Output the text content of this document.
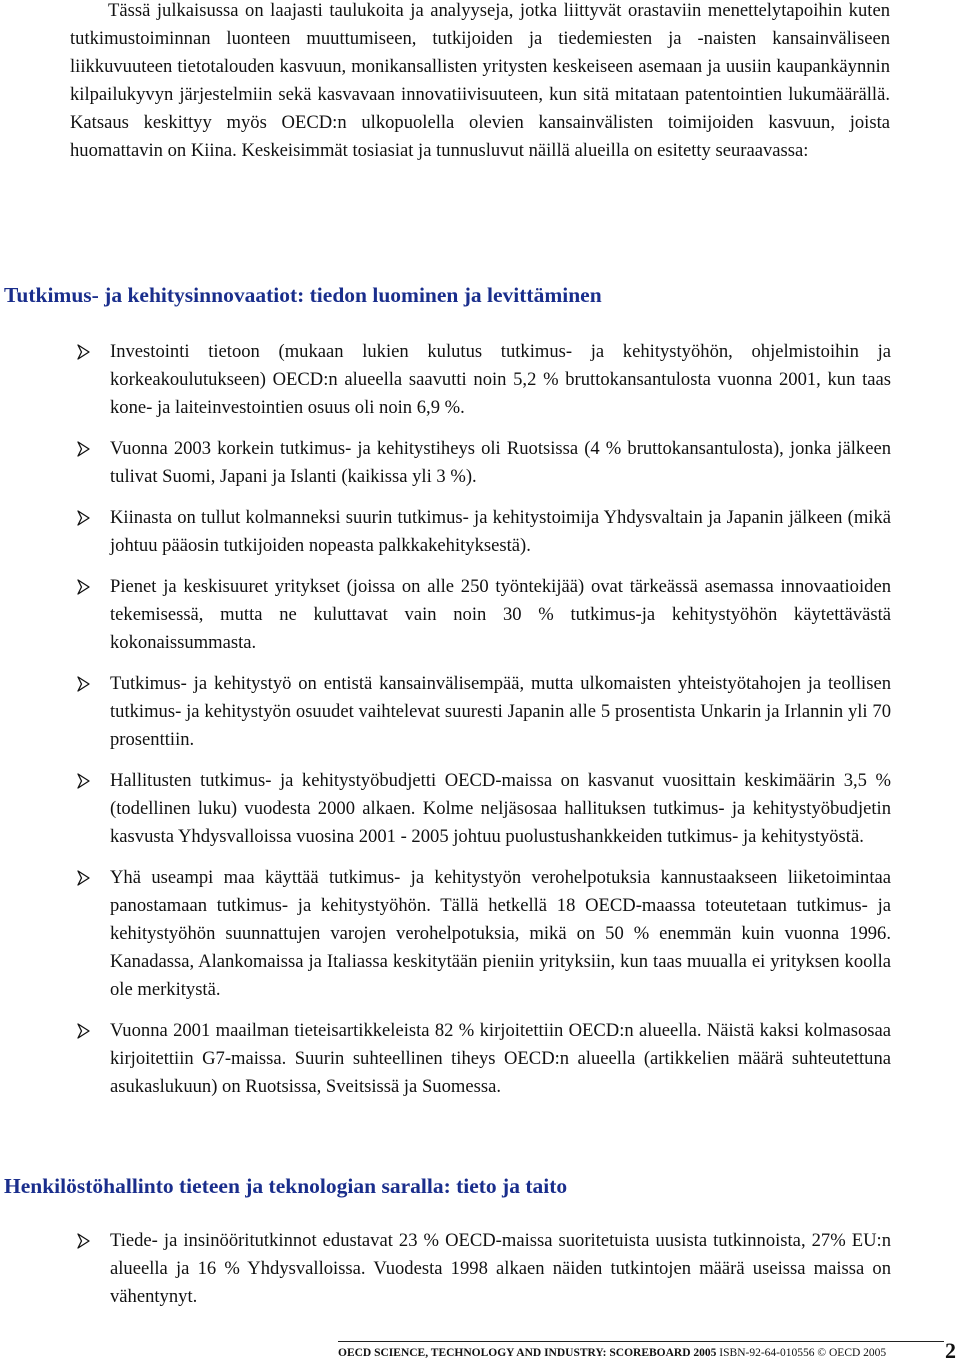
Tässä julkaisussa on laajasti taulukoita ja analyyseja, jotka liittyvät orastaviin menettelytapoihin kuten tutkimustoiminnan luonteen muuttumiseen, tutkijoiden ja tiedemiesten ja -naisten kansainväliseen liikkuvuuteen tietotalouden kasvuun, monikansallisten yritysten keskeiseen asemaan ja uusiin kaupankäynnin kilpailukyvyn järjestelmiin sekä kasvavaan innovatiivisuuteen, kun sitä mitataan patentointien lukumäärällä. Katsaus keskittyy myös OECD:n ulkopuolella olevien kansainvälisten toimijoiden kasvuun, joista huomattavin on Kiina. Keskeisimmät tosiasiat ja tunnusluvut näillä alueilla on esitetty seuraavassa:

Tutkimus- ja kehitysinnovaatiot: tiedon luominen ja levittäminen
Investointi tietoon (mukaan lukien kulutus tutkimus- ja kehitystyöhön, ohjelmistoihin ja korkeakoulutukseen) OECD:n alueella saavutti noin 5,2 % bruttokansantulosta vuonna 2001, kun taas kone- ja laiteinvestointien osuus oli noin 6,9 %.
Vuonna 2003 korkein tutkimus- ja kehitystiheys oli Ruotsissa (4 % bruttokansantulosta), jonka jälkeen tulivat Suomi, Japani ja Islanti (kaikissa yli 3 %).
Kiinasta on tullut kolmanneksi suurin tutkimus- ja kehitystoimija Yhdysvaltain ja Japanin jälkeen (mikä johtuu pääosin tutkijoiden nopeasta palkkakehityksestä).
Pienet ja keskisuuret yritykset (joissa on alle 250 työntekijää) ovat tärkeässä asemassa innovaatioiden tekemisessä, mutta ne kuluttavat vain noin 30 % tutkimus-ja kehitystyöhön käytettävästä kokonaissummasta.
Tutkimus- ja kehitystyö on entistä kansainvälisempää, mutta ulkomaisten yhteistyötahojen ja teollisen tutkimus- ja kehitystyön osuudet vaihtelevat suuresti Japanin alle 5 prosentista Unkarin ja Irlannin yli 70 prosenttiin.
Hallitusten tutkimus- ja kehitystyöbudjetti OECD-maissa on kasvanut vuosittain keskimäärin 3,5 % (todellinen luku) vuodesta 2000 alkaen. Kolme neljäsosaa hallituksen tutkimus- ja kehitystyöbudjetin kasvusta Yhdysvalloissa vuosina 2001 - 2005 johtuu puolustushankkeiden tutkimus- ja kehitystyöstä.
Yhä useampi maa käyttää tutkimus- ja kehitystyön verohelpotuksia kannustaakseen liiketoimintaa panostamaan tutkimus- ja kehitystyöhön. Tällä hetkellä 18 OECD-maassa toteutetaan tutkimus- ja kehitystyöhön suunnattujen varojen verohelpotuksia, mikä on 50 % enemmän kuin vuonna 1996. Kanadassa, Alankomaissa ja Italiassa keskitytään pieniin yrityksiin, kun taas muualla ei yrityksen koolla ole merkitystä.
Vuonna 2001 maailman tieteisartikkeleista 82 % kirjoitettiin OECD:n alueella. Näistä kaksi kolmasosaa kirjoitettiin G7-maissa. Suurin suhteellinen tiheys OECD:n alueella (artikkelien määrä suhteutettuna asukaslukuun) on Ruotsissa, Sveitsissä ja Suomessa.
Henkilöstöhallinto tieteen ja teknologian saralla: tieto ja taito
Tiede- ja insinööritutkinnot edustavat 23 % OECD-maissa suoritetuista uusista tutkinnoista, 27% EU:n alueella ja 16 % Yhdysvalloissa. Vuodesta 1998 alkaen näiden tutkintojen määrä useissa maissa on vähentynyt.
OECD SCIENCE, TECHNOLOGY AND INDUSTRY: SCOREBOARD 2005 ISBN-92-64-010556 © OECD 2005	2
